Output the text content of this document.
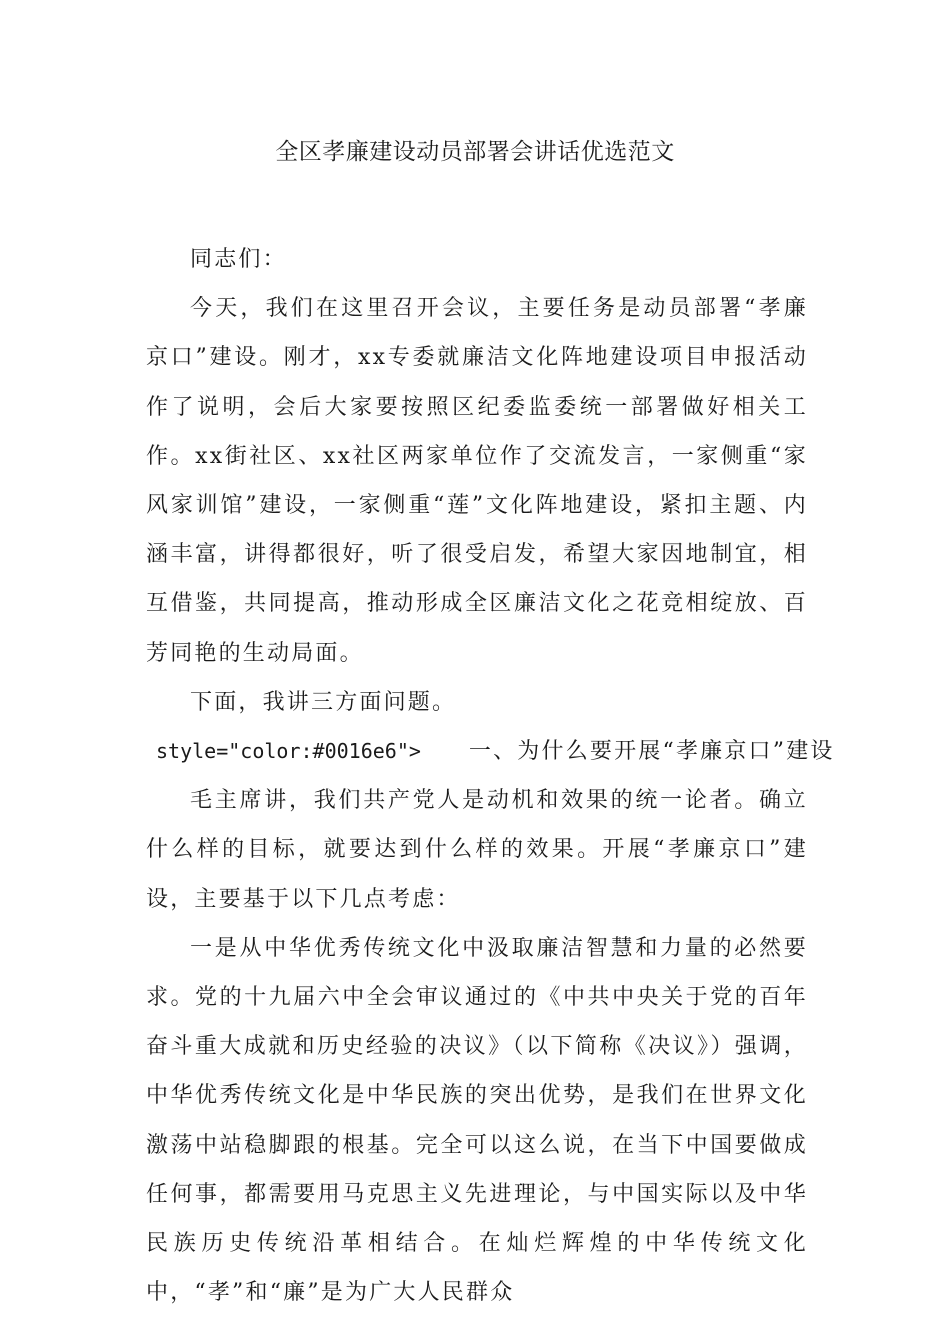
全区孝廉建设动员部署会讲话优选范文

同志们：

今天，我们在这里召开会议，主要任务是动员部署“孝廉京口”建设。刚才，xx专委就廉洁文化阵地建设项目申报活动作了说明，会后大家要按照区纪委监委统一部署做好相关工作。xx街社区、xx社区两家单位作了交流发言，一家侧重“家风家训馆”建设，一家侧重“莲”文化阵地建设，紧扣主题、内涵丰富，讲得都很好，听了很受启发，希望大家因地制宜，相互借鉴，共同提高，推动形成全区廉洁文化之花竞相绽放、百芳同艳的生动局面。

下面，我讲三方面问题。

style="color:#0016e6"> 一、为什么要开展“孝廉京口”建设

毛主席讲，我们共产党人是动机和效果的统一论者。确立什么样的目标，就要达到什么样的效果。开展“孝廉京口”建设，主要基于以下几点考虑：

一是从中华优秀传统文化中汲取廉洁智慧和力量的必然要求。党的十九届六中全会审议通过的《中共中央关于党的百年奋斗重大成就和历史经验的决议》（以下简称《决议》）强调，中华优秀传统文化是中华民族的突出优势，是我们在世界文化激荡中站稳脚跟的根基。完全可以这么说，在当下中国要做成任何事，都需要用马克思主义先进理论，与中国实际以及中华民族历史传统沿革相结合。在灿烂辉煌的中华传统文化中，“孝”和“廉”是为广大人民群众
